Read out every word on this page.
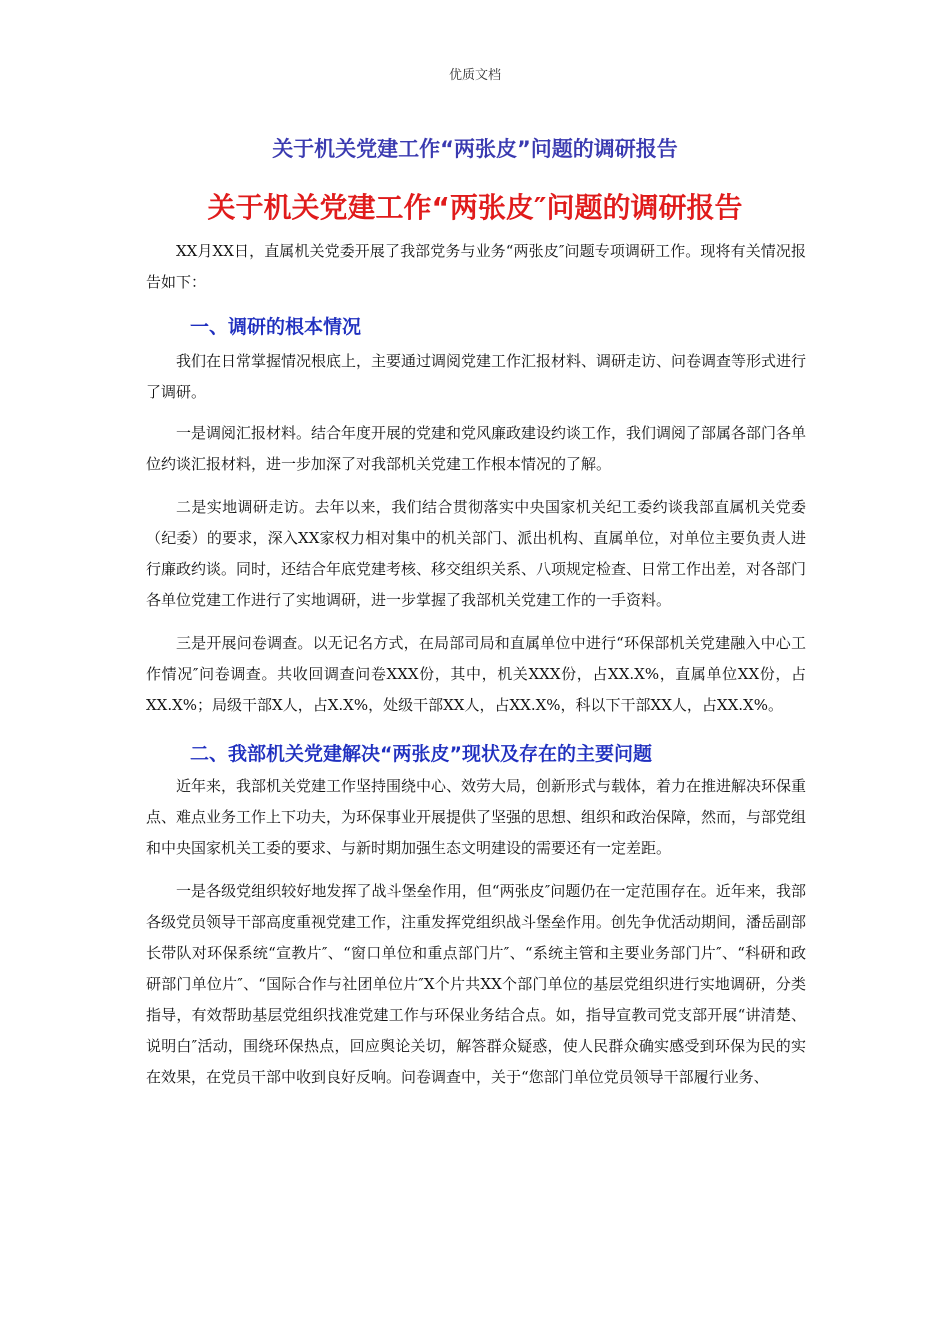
优质文档
关于机关党建工作“两张皮”问题的调研报告
关于机关党建工作“两张皮″问题的调研报告

XX月XX日，直属机关党委开展了我部党务与业务“两张皮″问题专项调研工作。现将有关情况报告如下：

一、调研的根本情况

我们在日常掌握情况根底上，主要通过调阅党建工作汇报材料、调研走访、问卷调查等形式进行了调研。

一是调阅汇报材料。结合年度开展的党建和党风廉政建设约谈工作，我们调阅了部属各部门各单位约谈汇报材料，进一步加深了对我部机关党建工作根本情况的了解。

二是实地调研走访。去年以来，我们结合贯彻落实中央国家机关纪工委约谈我部直属机关党委（纪委）的要求，深入XX家权力相对集中的机关部门、派出机构、直属单位，对单位主要负责人进行廉政约谈。同时，还结合年底党建考核、移交组织关系、八项规定检查、日常工作出差，对各部门各单位党建工作进行了实地调研，进一步掌握了我部机关党建工作的一手资料。

三是开展问卷调查。以无记名方式，在局部司局和直属单位中进行“环保部机关党建融入中心工作情况″问卷调查。共收回调查问卷XXX份，其中，机关XXX份，占XX.X%，直属单位XX份，占XX.X%；局级干部X人，占X.X%，处级干部XX人，占XX.X%，科以下干部XX人，占XX.X%。

二、我部机关党建解决“两张皮”现状及存在的主要问题

近年来，我部机关党建工作坚持围绕中心、效劳大局，创新形式与载体，着力在推进解决环保重点、难点业务工作上下功夫，为环保事业开展提供了坚强的思想、组织和政治保障，然而，与部党组和中央国家机关工委的要求、与新时期加强生态文明建设的需要还有一定差距。

一是各级党组织较好地发挥了战斗堡垒作用，但“两张皮″问题仍在一定范围存在。近年来，我部各级党员领导干部高度重视党建工作，注重发挥党组织战斗堡垒作用。创先争优活动期间，潘岳副部长带队对环保系统“宣教片″、“窗口单位和重点部门片″、“系统主管和主要业务部门片″、“科研和政研部门单位片″、“国际合作与社团单位片″X个片共XX个部门单位的基层党组织进行实地调研，分类指导，有效帮助基层党组织找准党建工作与环保业务结合点。如，指导宣教司党支部开展“讲清楚、说明白″活动，围绕环保热点，回应舆论关切，解答群众疑惑，使人民群众确实感受到环保为民的实在效果，在党员干部中收到良好反响。问卷调查中，关于“您部门单位党员领导干部履行业务、
